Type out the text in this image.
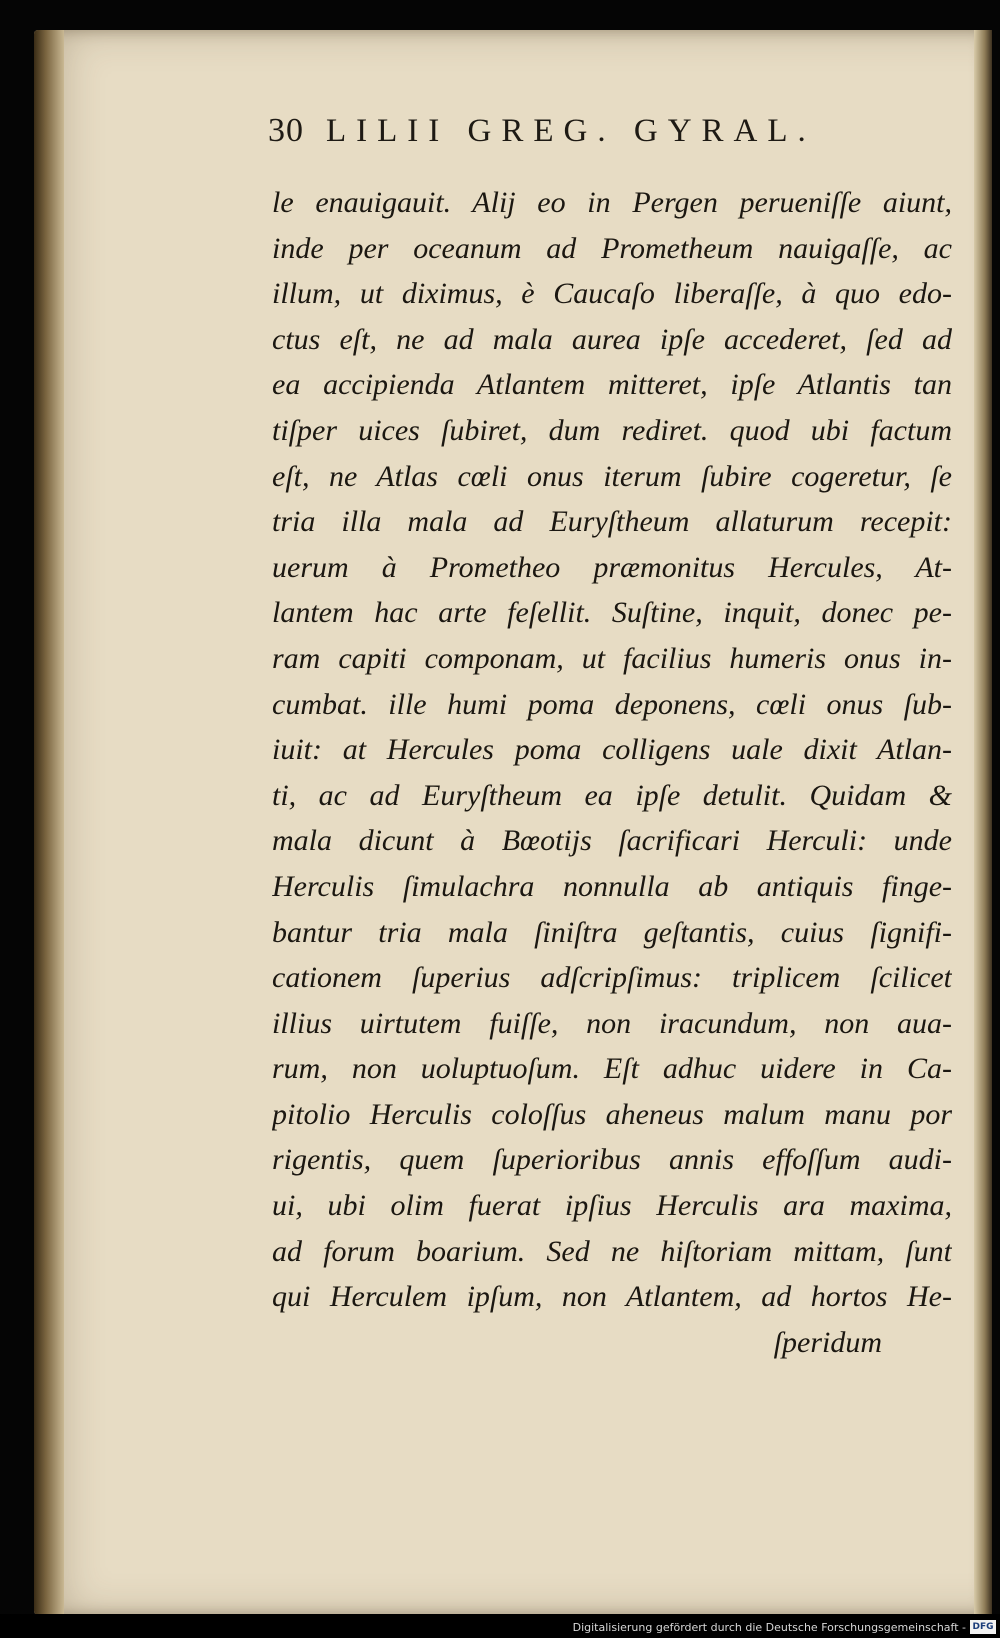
30 LILII GREG. GYRAL.
le enauigauit. Alij eo in Pergen perueniſſe aiunt,
inde per oceanum ad Prometheum nauigaſſe, ac
illum, ut diximus, è Caucaſo liberaſſe, à quo edo-
ctus eſt, ne ad mala aurea ipſe accederet, ſed ad
ea accipienda Atlantem mitteret, ipſe Atlantis tan
tiſper uices ſubiret, dum rediret. quod ubi factum
eſt, ne Atlas cœli onus iterum ſubire cogeretur, ſe
tria illa mala ad Euryſtheum allaturum recepit:
uerum à Prometheo præmonitus Hercules, At-
lantem hac arte feſellit. Suſtine, inquit, donec pe-
ram capiti componam, ut facilius humeris onus in-
cumbat. ille humi poma deponens, cœli onus ſub-
iuit: at Hercules poma colligens uale dixit Atlan-
ti, ac ad Euryſtheum ea ipſe detulit. Quidam &
mala dicunt à Bœotijs ſacrificari Herculi: unde
Herculis ſimulachra nonnulla ab antiquis finge-
bantur tria mala ſiniſtra geſtantis, cuius ſignifi-
cationem ſuperius adſcripſimus: triplicem ſcilicet
illius uirtutem fuiſſe, non iracundum, non aua-
rum, non uoluptuoſum. Eſt adhuc uidere in Ca-
pitolio Herculis coloſſus aheneus malum manu por
rigentis, quem ſuperioribus annis effoſſum audi-
ui, ubi olim fuerat ipſius Herculis ara maxima,
ad forum boarium. Sed ne hiſtoriam mittam, ſunt
qui Herculem ipſum, non Atlantem, ad hortos He-
ſperidum
Digitalisierung gefördert durch die Deutsche Forschungsgemeinschaft - DFG
